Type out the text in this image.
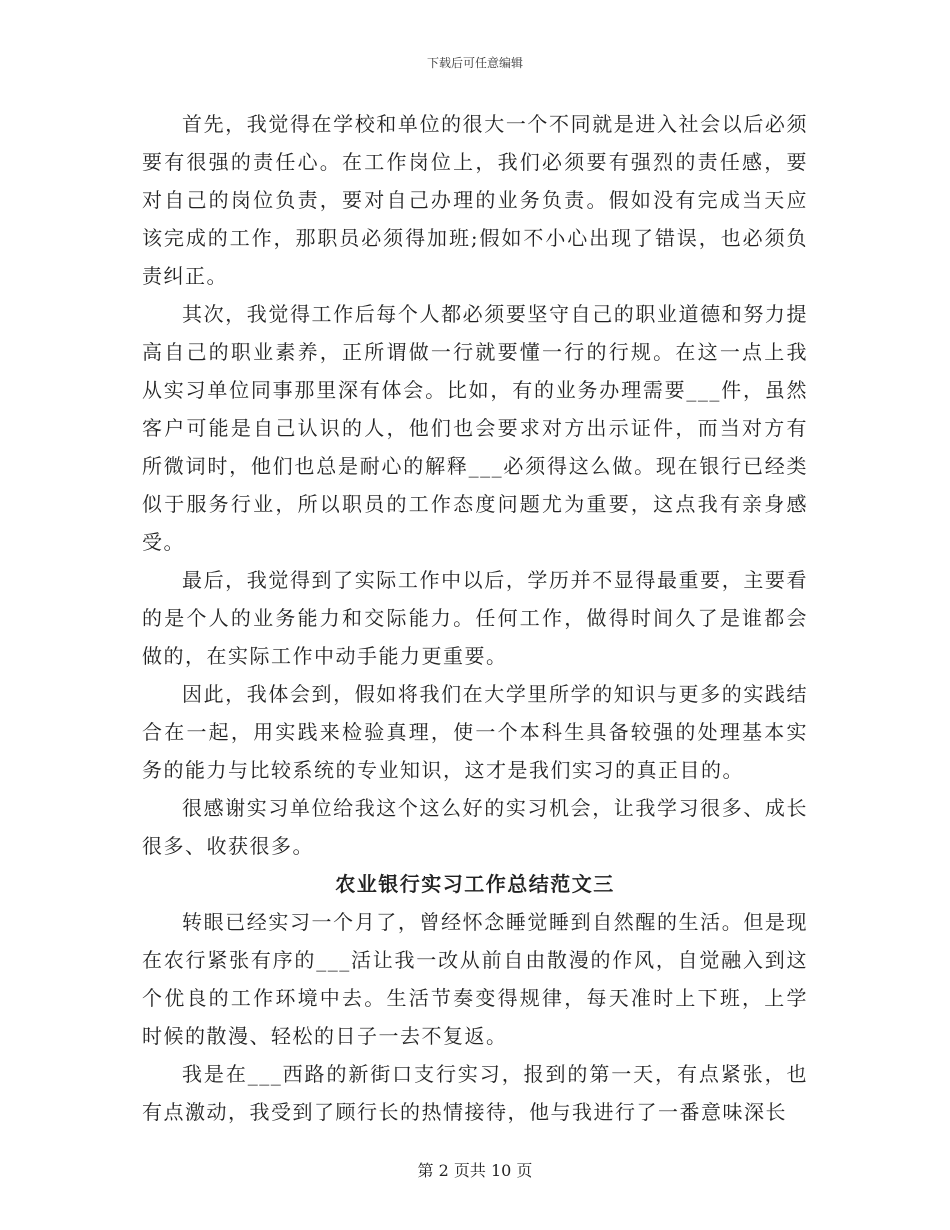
下载后可任意编辑

首先，我觉得在学校和单位的很大一个不同就是进入社会以后必须要有很强的责任心。在工作岗位上，我们必须要有强烈的责任感，要对自己的岗位负责，要对自己办理的业务负责。假如没有完成当天应该完成的工作，那职员必须得加班;假如不小心出现了错误，也必须负责纠正。

其次，我觉得工作后每个人都必须要坚守自己的职业道德和努力提高自己的职业素养，正所谓做一行就要懂一行的行规。在这一点上我从实习单位同事那里深有体会。比如，有的业务办理需要___件，虽然客户可能是自己认识的人，他们也会要求对方出示证件，而当对方有所微词时，他们也总是耐心的解释___必须得这么做。现在银行已经类似于服务行业，所以职员的工作态度问题尤为重要，这点我有亲身感受。

最后，我觉得到了实际工作中以后，学历并不显得最重要，主要看的是个人的业务能力和交际能力。任何工作，做得时间久了是谁都会做的，在实际工作中动手能力更重要。

因此，我体会到，假如将我们在大学里所学的知识与更多的实践结合在一起，用实践来检验真理，使一个本科生具备较强的处理基本实务的能力与比较系统的专业知识，这才是我们实习的真正目的。

很感谢实习单位给我这个这么好的实习机会，让我学习很多、成长很多、收获很多。

农业银行实习工作总结范文三

转眼已经实习一个月了，曾经怀念睡觉睡到自然醒的生活。但是现在农行紧张有序的___活让我一改从前自由散漫的作风，自觉融入到这个优良的工作环境中去。生活节奏变得规律，每天准时上下班，上学时候的散漫、轻松的日子一去不复返。

我是在___西路的新街口支行实习，报到的第一天，有点紧张，也有点激动，我受到了顾行长的热情接待，他与我进行了一番意味深长

第 2 页共 10 页
